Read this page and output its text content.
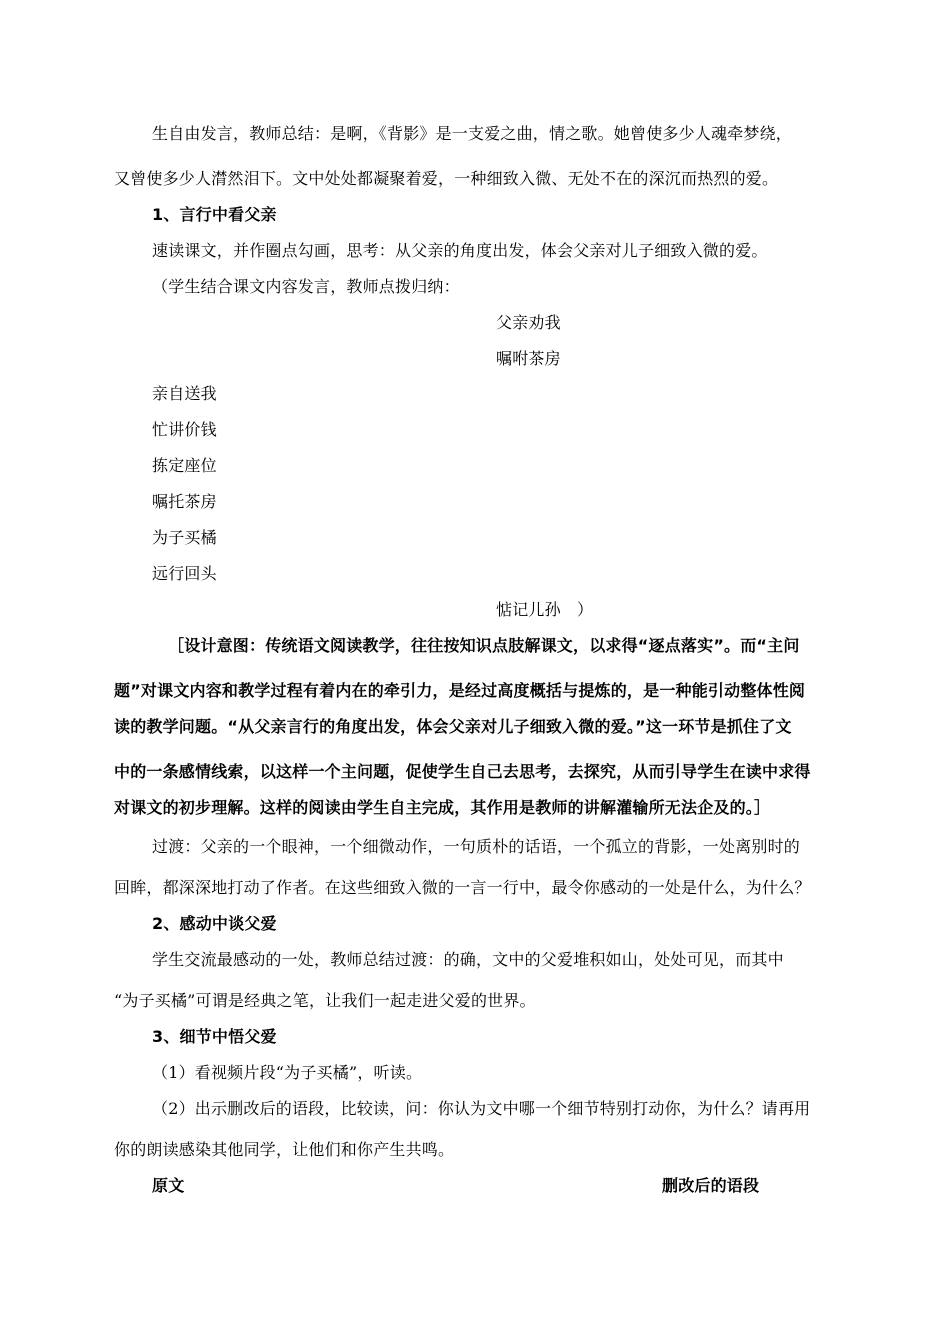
生自由发言，教师总结：是啊，《背影》是一支爱之曲，情之歌。她曾使多少人魂牵梦绕，
又曾使多少人潸然泪下。文中处处都凝聚着爱，一种细致入微、无处不在的深沉而热烈的爱。
1、言行中看父亲
速读课文，并作圈点勾画，思考：从父亲的角度出发，体会父亲对儿子细致入微的爱。
（学生结合课文内容发言，教师点拨归纳：
父亲劝我
嘱咐茶房
亲自送我
忙讲价钱
拣定座位
嘱托茶房
为子买橘
远行回头
惦记儿孙　）
［设计意图：传统语文阅读教学，往往按知识点肢解课文，以求得“逐点落实”。而“主问
题”对课文内容和教学过程有着内在的牵引力，是经过高度概括与提炼的，是一种能引动整体性阅
读的教学问题。“从父亲言行的角度出发，体会父亲对儿子细致入微的爱。”这一环节是抓住了文
中的一条感情线索，以这样一个主问题，促使学生自己去思考，去探究，从而引导学生在读中求得
对课文的初步理解。这样的阅读由学生自主完成，其作用是教师的讲解灌输所无法企及的。］
过渡：父亲的一个眼神，一个细微动作，一句质朴的话语，一个孤立的背影，一处离别时的
回眸，都深深地打动了作者。在这些细致入微的一言一行中，最令你感动的一处是什么，为什么？
2、感动中谈父爱
学生交流最感动的一处，教师总结过渡：的确，文中的父爱堆积如山，处处可见，而其中
“为子买橘”可谓是经典之笔，让我们一起走进父爱的世界。
3、细节中悟父爱
（1）看视频片段“为子买橘”，听读。
（2）出示删改后的语段，比较读，问：你认为文中哪一个细节特别打动你，为什么？请再用
你的朗读感染其他同学，让他们和你产生共鸣。
原文	删改后的语段
